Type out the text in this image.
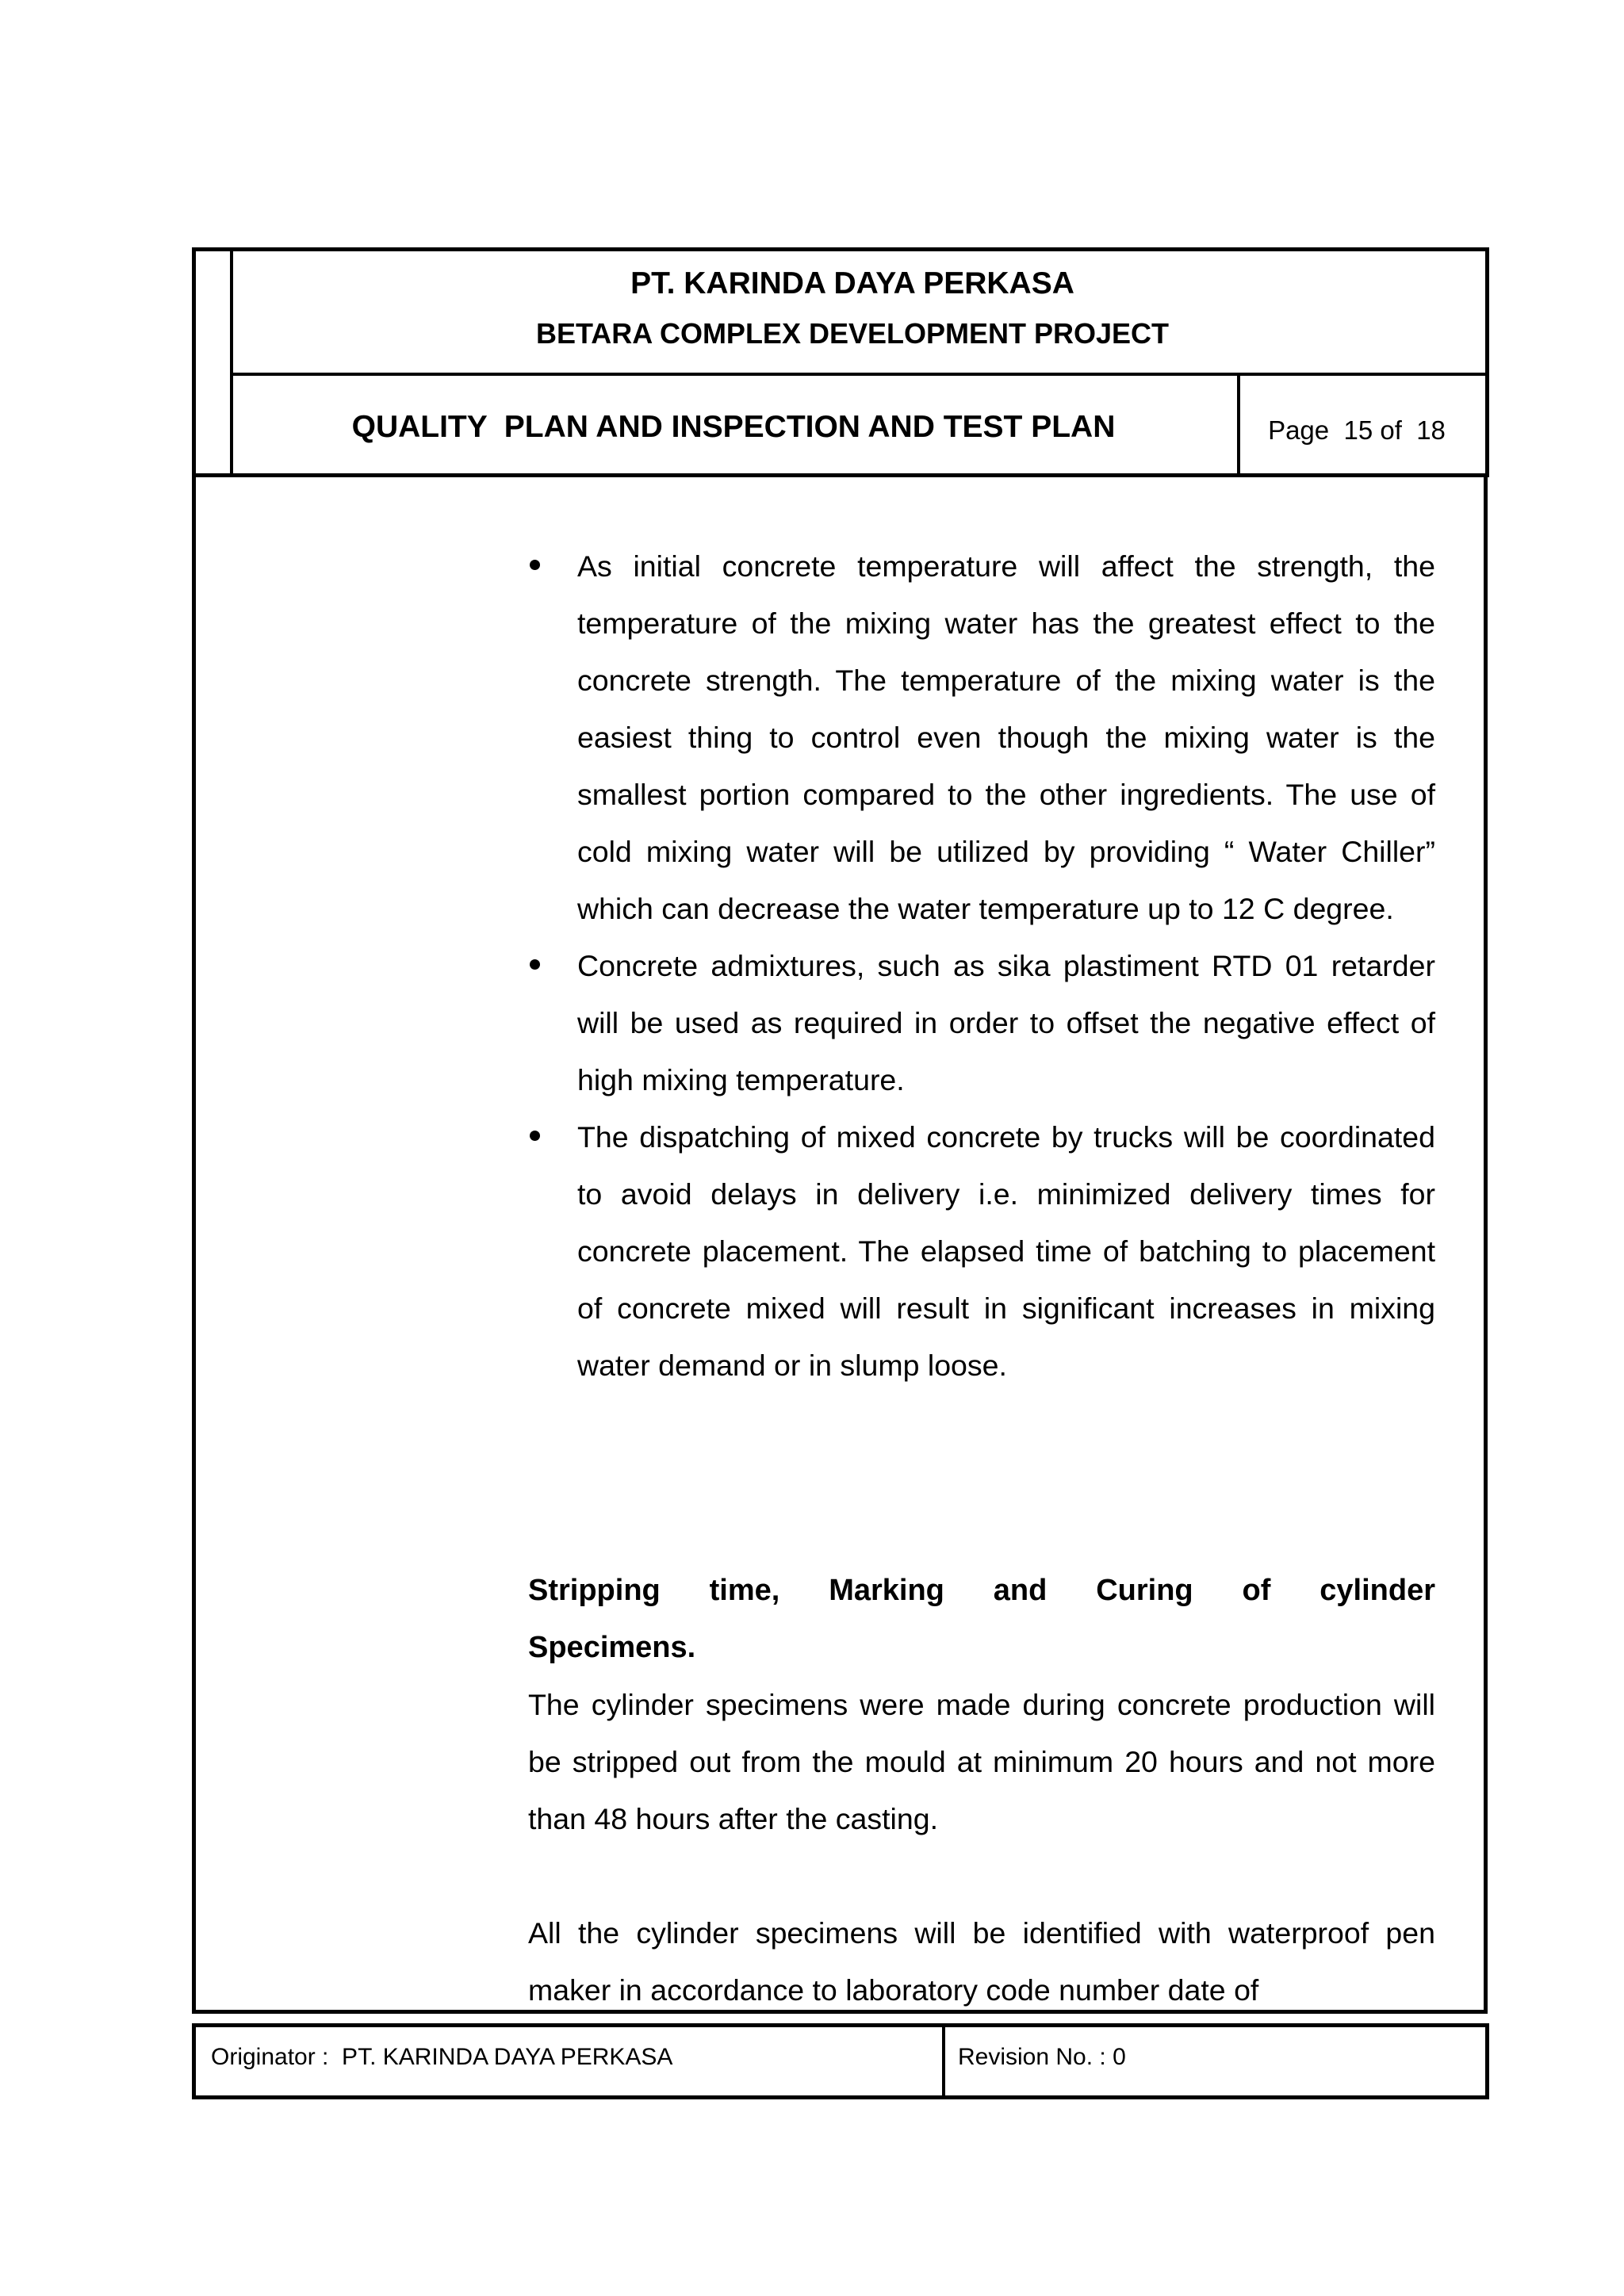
PT. KARINDA DAYA PERKASA
BETARA COMPLEX DEVELOPMENT PROJECT
QUALITY  PLAN AND INSPECTION AND TEST PLAN	Page  15 of  18
As initial concrete temperature will affect the strength, the temperature of the mixing water has the greatest effect to the concrete strength. The temperature of the mixing water is the easiest thing to control even though the mixing water is the smallest portion compared to the other ingredients. The use of cold mixing water will be utilized by providing “ Water Chiller” which can decrease the water temperature up to 12 C degree.
Concrete admixtures, such as sika plastiment RTD 01 retarder will be used as required in order to offset the negative effect of high mixing temperature.
The dispatching of mixed concrete by trucks will be coordinated to avoid delays in delivery i.e. minimized delivery times for concrete placement. The elapsed time of batching to placement of concrete mixed will result in significant increases in mixing water demand or in slump loose.
Stripping time, Marking and Curing of cylinder
Specimens.
The cylinder specimens were made during concrete production will be stripped out from the mould at minimum 20 hours and not more than 48 hours after the casting.
All the cylinder specimens will be identified with waterproof pen maker in accordance to laboratory code number date of
Originator :  PT. KARINDA DAYA PERKASA	Revision No. : 0
